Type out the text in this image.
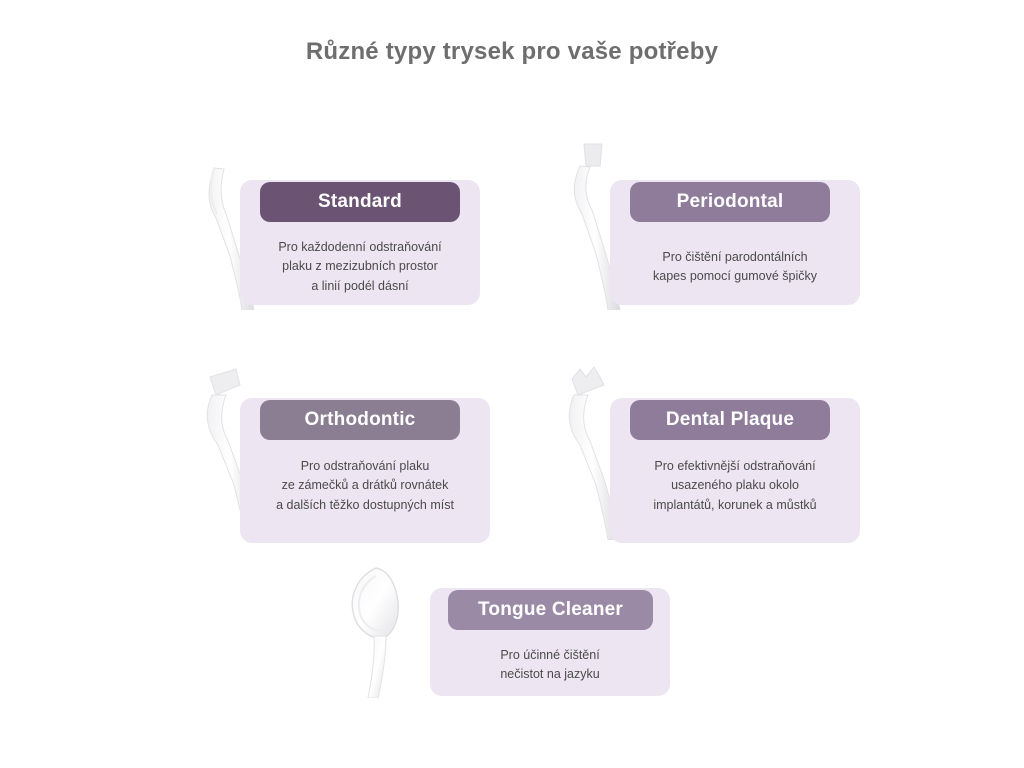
Různé typy trysek pro vaše potřeby
Standard
Pro každodenní odstraňování
plaku z mezizubních prostor
a linií podél dásní
Periodontal
Pro čištění parodontálních
kapes pomocí gumové špičky
Orthodontic
Pro odstraňování plaku
ze zámečků a drátků rovnátek
a dalších těžko dostupných míst
Dental Plaque
Pro efektivnější odstraňování
usazeného plaku okolo
implantátů, korunek a můstků
Tongue Cleaner
Pro účinné čištění
nečistot na jazyku
